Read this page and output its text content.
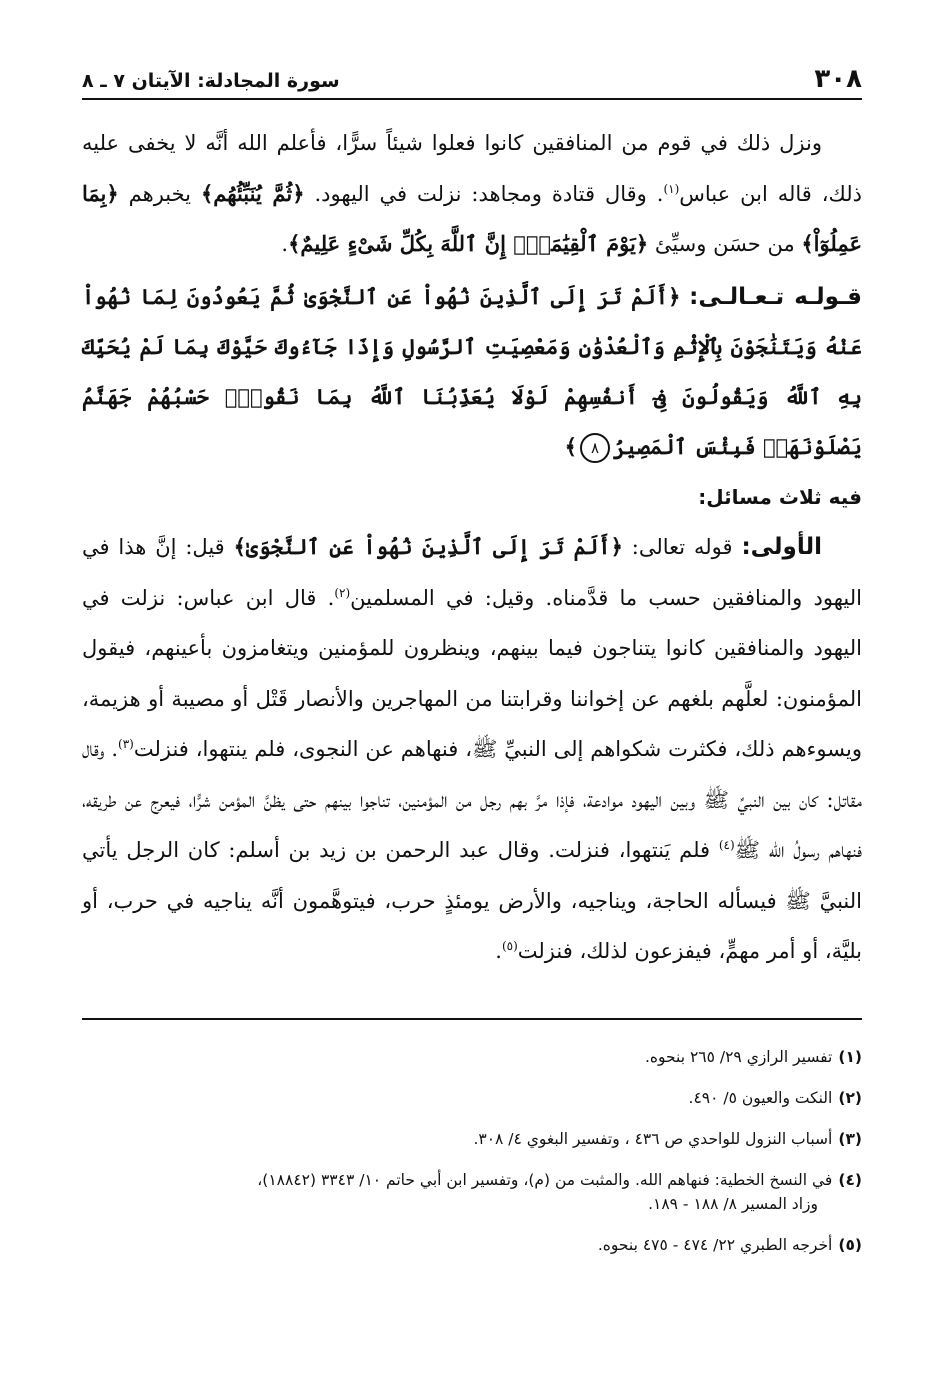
٣٠٨
سورة المجادلة: الآيتان ٧ ـ ٨

ونزل ذلك في قوم من المنافقين كانوا فعلوا شيئاً سرًّا، فأعلم الله أنَّه لا يخفى عليه ذلك، قاله ابن عباس$^{(١)}$. وقال قتادة ومجاهد: نزلت في اليهود. ﴿ثُمَّ يُنَبِّئُهُم﴾ يخبرهم ﴿بِمَا عَمِلُوٓاْ﴾ من حسَن وسيِّئ ﴿يَوْمَ ٱلْقِيَٰمَةِۚ إِنَّ ٱللَّهَ بِكُلِّ شَىْءٍ عَلِيمٌ﴾.

قـولـه تـعـالـى: ﴿أَلَمْ تَرَ إِلَى ٱلَّذِينَ نُهُواْ عَنِ ٱلنَّجْوَىٰ ثُمَّ يَعُودُونَ لِمَا نُهُواْ عَنْهُ وَيَتَنَٰجَوْنَ بِٱلْإِثْمِ وَٱلْعُدْوَٰنِ وَمَعْصِيَتِ ٱلرَّسُولِ وَإِذَا جَآءُوكَ حَيَّوْكَ بِمَا لَمْ يُحَيِّكَ بِهِ ٱللَّهُ وَيَقُولُونَ فِىٓ أَنفُسِهِمْ لَوْلَا يُعَذِّبُنَا ٱللَّهُ بِمَا نَقُولُۚ حَسْبُهُمْ جَهَنَّمُ يَصْلَوْنَهَاۖ فَبِئْسَ ٱلْمَصِيرُ٨﴾

فيه ثلاث مسائل:

الأولى: قوله تعالى: ﴿أَلَمْ تَرَ إِلَى ٱلَّذِينَ نُهُواْ عَنِ ٱلنَّجْوَىٰ﴾ قيل: إنَّ هذا في اليهود والمنافقين حسب ما قدَّمناه. وقيل: في المسلمين$^{(٢)}$. قال ابن عباس: نزلت في اليهود والمنافقين كانوا يتناجون فيما بينهم، وينظرون للمؤمنين ويتغامزون بأعينهم، فيقول المؤمنون: لعلَّهم بلغهم عن إخواننا وقرابتنا من المهاجرين والأنصار قَتْل أو مصيبة أو هزيمة، ويسوءهم ذلك، فكثرت شكواهم إلى النبيِّ ﷺ، فنهاهم عن النجوى، فلم ينتهوا، فنزلت$^{(٣)}$. وقال مقاتل: كان بين النبيِّ ﷺ وبين اليهود موادعة، فإذا مرَّ بهم رجل من المؤمنين، تناجوا بينهم حتى يظنَّ المؤمن شرًّا، فيعرج عن طريقه، فنهاهم رسولُ الله ﷺ$^{(٤)}$ فلم يَنتهوا، فنزلت. وقال عبد الرحمن بن زيد بن أسلم: كان الرجل يأتي النبيَّ ﷺ فيسأله الحاجة، ويناجيه، والأرض يومئذٍ حرب، فيتوهَّمون أنَّه يناجيه في حرب، أو بليَّة، أو أمر مهمٍّ، فيفزعون لذلك، فنزلت$^{(٥)}$.

(١)تفسير الرازي ٢٩/ ٢٦٥ بنحوه.
(٢)النكت والعيون ٥/ ٤٩٠.
(٣)أسباب النزول للواحدي ص ٤٣٦ ، وتفسير البغوي ٤/ ٣٠٨.
(٤)في النسخ الخطية: فنهاهم الله. والمثبت من (م)، وتفسير ابن أبي حاتم ١٠/ ٣٣٤٣ (١٨٨٤٢)،
وزاد المسير ٨/ ١٨٨ - ١٨٩.
(٥)أخرجه الطبري ٢٢/ ٤٧٤ - ٤٧٥ بنحوه.
